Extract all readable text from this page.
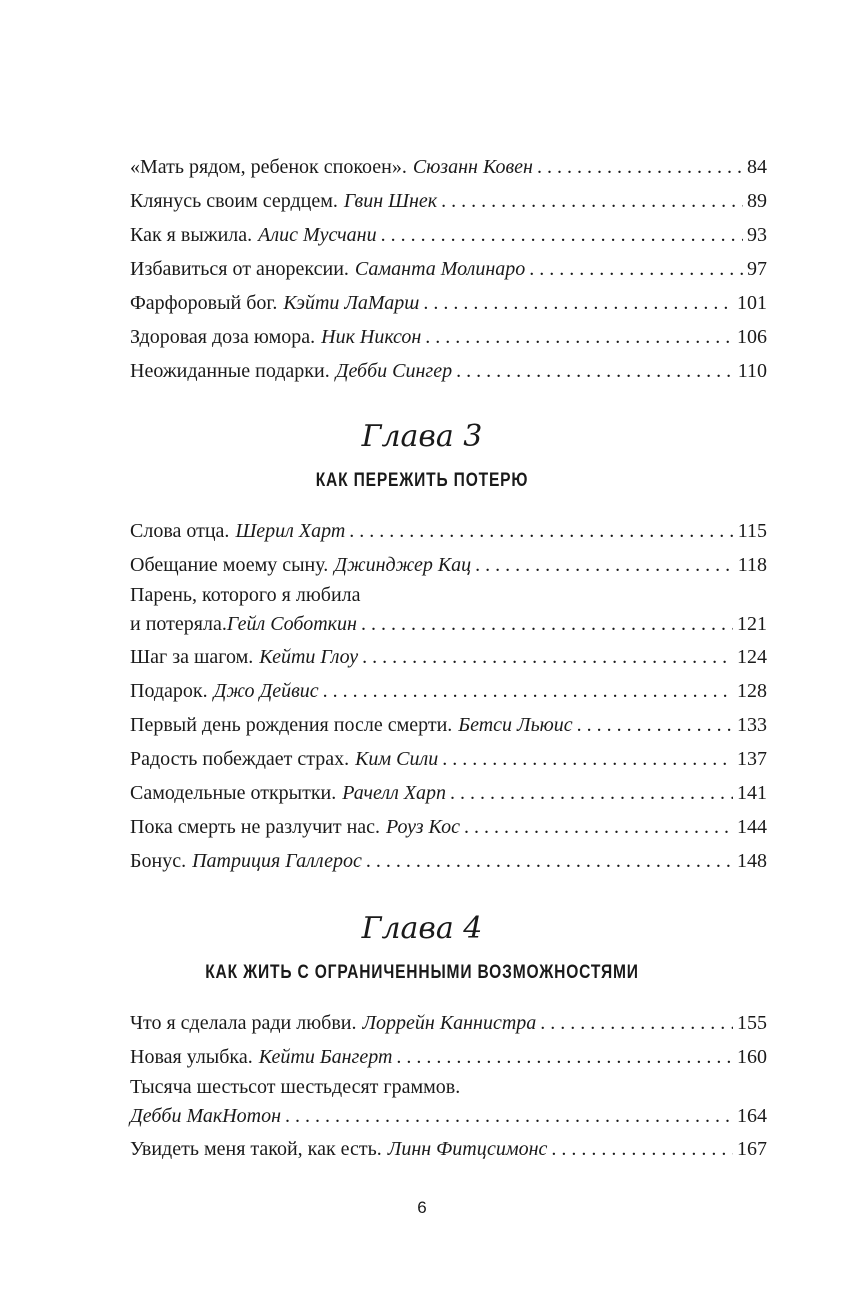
«Мать рядом, ребенок спокоен». Сюзанн Ковен . . .	84
Клянусь своим сердцем. Гвин Шнек . . .	89
Как я выжила. Алис Мусчани . . .	93
Избавиться от анорексии. Саманта Молинаро . . .	97
Фарфоровый бог. Кэйти ЛаМарш . . .	101
Здоровая доза юмора. Ник Никсон . . .	106
Неожиданные подарки. Дебби Сингер . . .	110
Глава 3
КАК ПЕРЕЖИТЬ ПОТЕРЮ
Слова отца. Шерил Харт . . .	115
Обещание моему сыну. Джинджер Кац . . .	118
Парень, которого я любила
и потеряла. Гейл Соботкин . . .	121
Шаг за шагом. Кейти Глоу . . .	124
Подарок. Джо Дейвис . . .	128
Первый день рождения после смерти. Бетси Льюис . . .	133
Радость побеждает страх. Ким Сили . . .	137
Самодельные открытки. Рачелл Харп . . .	141
Пока смерть не разлучит нас. Роуз Кос . . .	144
Бонус. Патриция Галлерос . . .	148
Глава 4
КАК ЖИТЬ С ОГРАНИЧЕННЫМИ ВОЗМОЖНОСТЯМИ
Что я сделала ради любви. Лоррейн Каннистра . . .	155
Новая улыбка. Кейти Бангерт . . .	160
Тысяча шестьсот шестьдесят граммов.
Дебби МакНотон . . .	164
Увидеть меня такой, как есть. Линн Фитцсимонс . . .	167
6
